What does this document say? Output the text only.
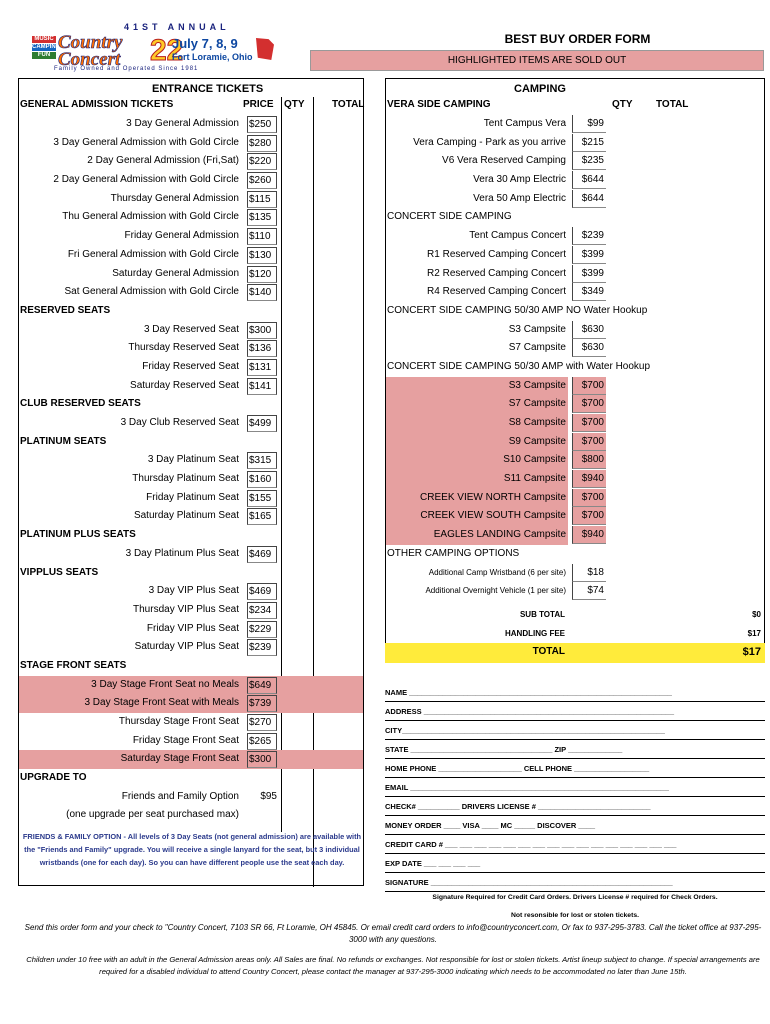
41ST ANNUAL
MUSIC
CAMPING
FUN
Country
Concert 22
July 7, 8, 9
Fort Loramie, Ohio
Family Owned and Operated Since 1981
BEST BUY ORDER FORM
HIGHLIGHTED ITEMS ARE SOLD OUT
ENTRANCE TICKETS
GENERAL ADMISSION TICKETS	PRICE QTY	TOTAL
3 Day General Admission	$250
3 Day General Admission with Gold Circle	$280
2 Day General Admission (Fri,Sat)	$220
2 Day General Admission with Gold Circle	$260
Thursday General Admission	$115
Thu General Admission with Gold Circle	$135
Friday General Admission	$110
Fri General Admission with Gold Circle	$130
Saturday General Admission	$120
Sat General Admission with Gold Circle	$140
RESERVED SEATS
3 Day Reserved Seat	$300
Thursday Reserved Seat	$136
Friday Reserved Seat	$131
Saturday Reserved Seat	$141
CLUB RESERVED SEATS
3 Day Club Reserved Seat	$499
PLATINUM SEATS
3 Day Platinum Seat	$315
Thursday Platinum Seat	$160
Friday Platinum Seat	$155
Saturday Platinum Seat	$165
PLATINUM PLUS SEATS
3 Day Platinum Plus Seat	$469
VIPPLUS SEATS
3 Day VIP Plus Seat	$469
Thursday VIP Plus Seat	$234
Friday VIP Plus Seat	$229
Saturday VIP Plus Seat	$239
STAGE FRONT SEATS
3 Day Stage Front Seat no Meals	$649
3 Day Stage Front Seat with Meals	$739
Thursday Stage Front Seat	$270
Friday Stage Front Seat	$265
Saturday Stage Front Seat	$300
UPGRADE TO
Friends and Family Option	$95
(one upgrade per seat purchased max)
FRIENDS & FAMILY OPTION - All levels of 3 Day Seats (not general admission) are available with the "Friends and Family" upgrade. You will receive a single lanyard for the seat, but 3 individual wristbands (one for each day). So you can have different people use the seat each day.
CAMPING
VERA SIDE CAMPING	QTY TOTAL
Tent Campus Vera	$99
Vera Camping - Park as you arrive	$215
V6 Vera Reserved Camping	$235
Vera 30 Amp Electric	$644
Vera 50 Amp Electric	$644
CONCERT SIDE CAMPING
Tent Campus Concert	$239
R1 Reserved Camping Concert	$399
R2 Reserved Camping Concert	$399
R4 Reserved Camping Concert	$349
CONCERT SIDE CAMPING 50/30 AMP NO Water Hookup
S3 Campsite	$630
S7 Campsite	$630
CONCERT SIDE CAMPING 50/30 AMP with Water Hookup
S3 Campsite	$700
S7 Campsite	$700
S8 Campsite	$700
S9 Campsite	$700
S10 Campsite	$800
S11 Campsite	$940
CREEK VIEW NORTH Campsite	$700
CREEK VIEW SOUTH Campsite	$700
EAGLES LANDING Campsite	$940
OTHER CAMPING OPTIONS
Additional Camp Wristband (6 per site)	$18
Additional Overnight Vehicle (1 per site)	$74
SUB TOTAL	$0
HANDLING FEE	$17
TOTAL	$17
NAME _______________________________________________________________
ADDRESS ____________________________________________________________
CITY_______________________________________________________________
STATE __________________________________ ZIP _____________
HOME PHONE ____________________ CELL PHONE __________________
EMAIL ______________________________________________________________
CHECK# __________ DRIVERS LICENSE # ___________________________
MONEY ORDER ____ VISA ____ MC _____ DISCOVER ____
CREDIT CARD # ___ ___ ___ ___ ___ ___ ___ ___ ___ ___ ___ ___ ___ ___ ___ ___
EXP DATE ___ ___ ___ ___
SIGNATURE __________________________________________________________
Signature Required for Credit Card Orders. Drivers License # required for Check Orders.
Not resonsible for lost or stolen tickets.
Send this order form and your check to "Country Concert, 7103 SR 66, Ft Loramie, OH 45845. Or email credit card orders to info@countryconcert.com, Or fax to 937-295-3783. Call the ticket office at 937-295-3000 with any questions.
Children under 10 free with an adult in the General Admission areas only. All Sales are final. No refunds or exchanges. Not responsible for lost or stolen tickets. Artist lineup subject to change. If special arrangements are required for a disabled individual to attend Country Concert, please contact the manager at 937-295-3000 indicating which needs to be accommodated no later than June 15th.
